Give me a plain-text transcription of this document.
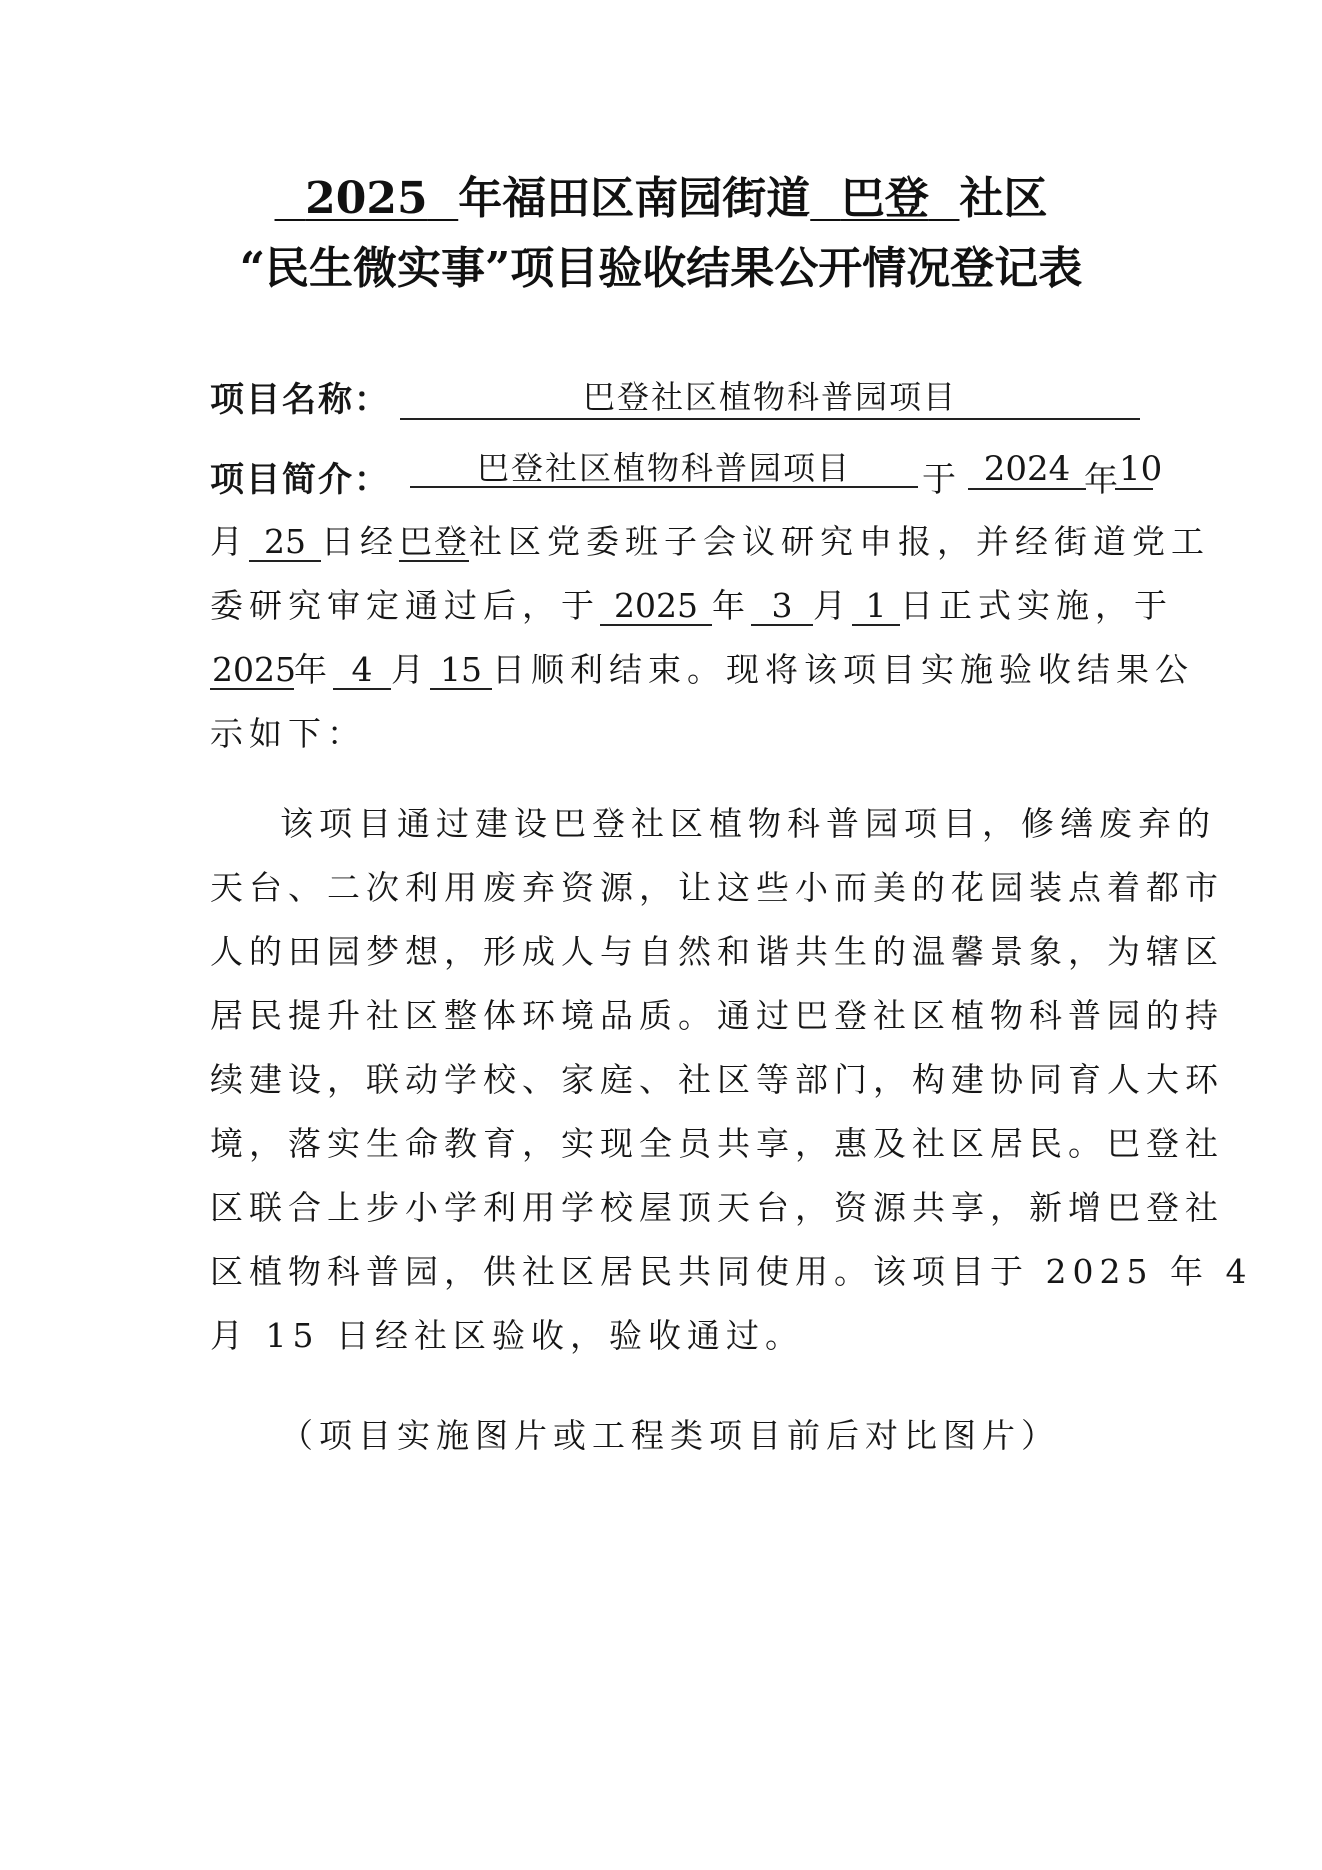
 2025  年福田区南园街道  巴登  社区
“民生微实事”项目验收结果公开情况登记表
项目名称：	巴登社区植物科普园项目
项目简介：	巴登社区植物科普园项目	于 2024 年 10
月 25 日经巴登社区党委班子会议研究申报，并经街道党工
委研究审定通过后，于 2025 年 3 月 1 日正式实施，于
2025年 4 月 15 日顺利结束。现将该项目实施验收结果公
示如下：
该项目通过建设巴登社区植物科普园项目，修缮废弃的
天台、二次利用废弃资源，让这些小而美的花园装点着都市
人的田园梦想，形成人与自然和谐共生的温馨景象，为辖区
居民提升社区整体环境品质。通过巴登社区植物科普园的持
续建设，联动学校、家庭、社区等部门，构建协同育人大环
境，落实生命教育，实现全员共享，惠及社区居民。巴登社
区联合上步小学利用学校屋顶天台，资源共享，新增巴登社
区植物科普园，供社区居民共同使用。该项目于 2025 年 4
月 15 日经社区验收，验收通过。
（项目实施图片或工程类项目前后对比图片）
